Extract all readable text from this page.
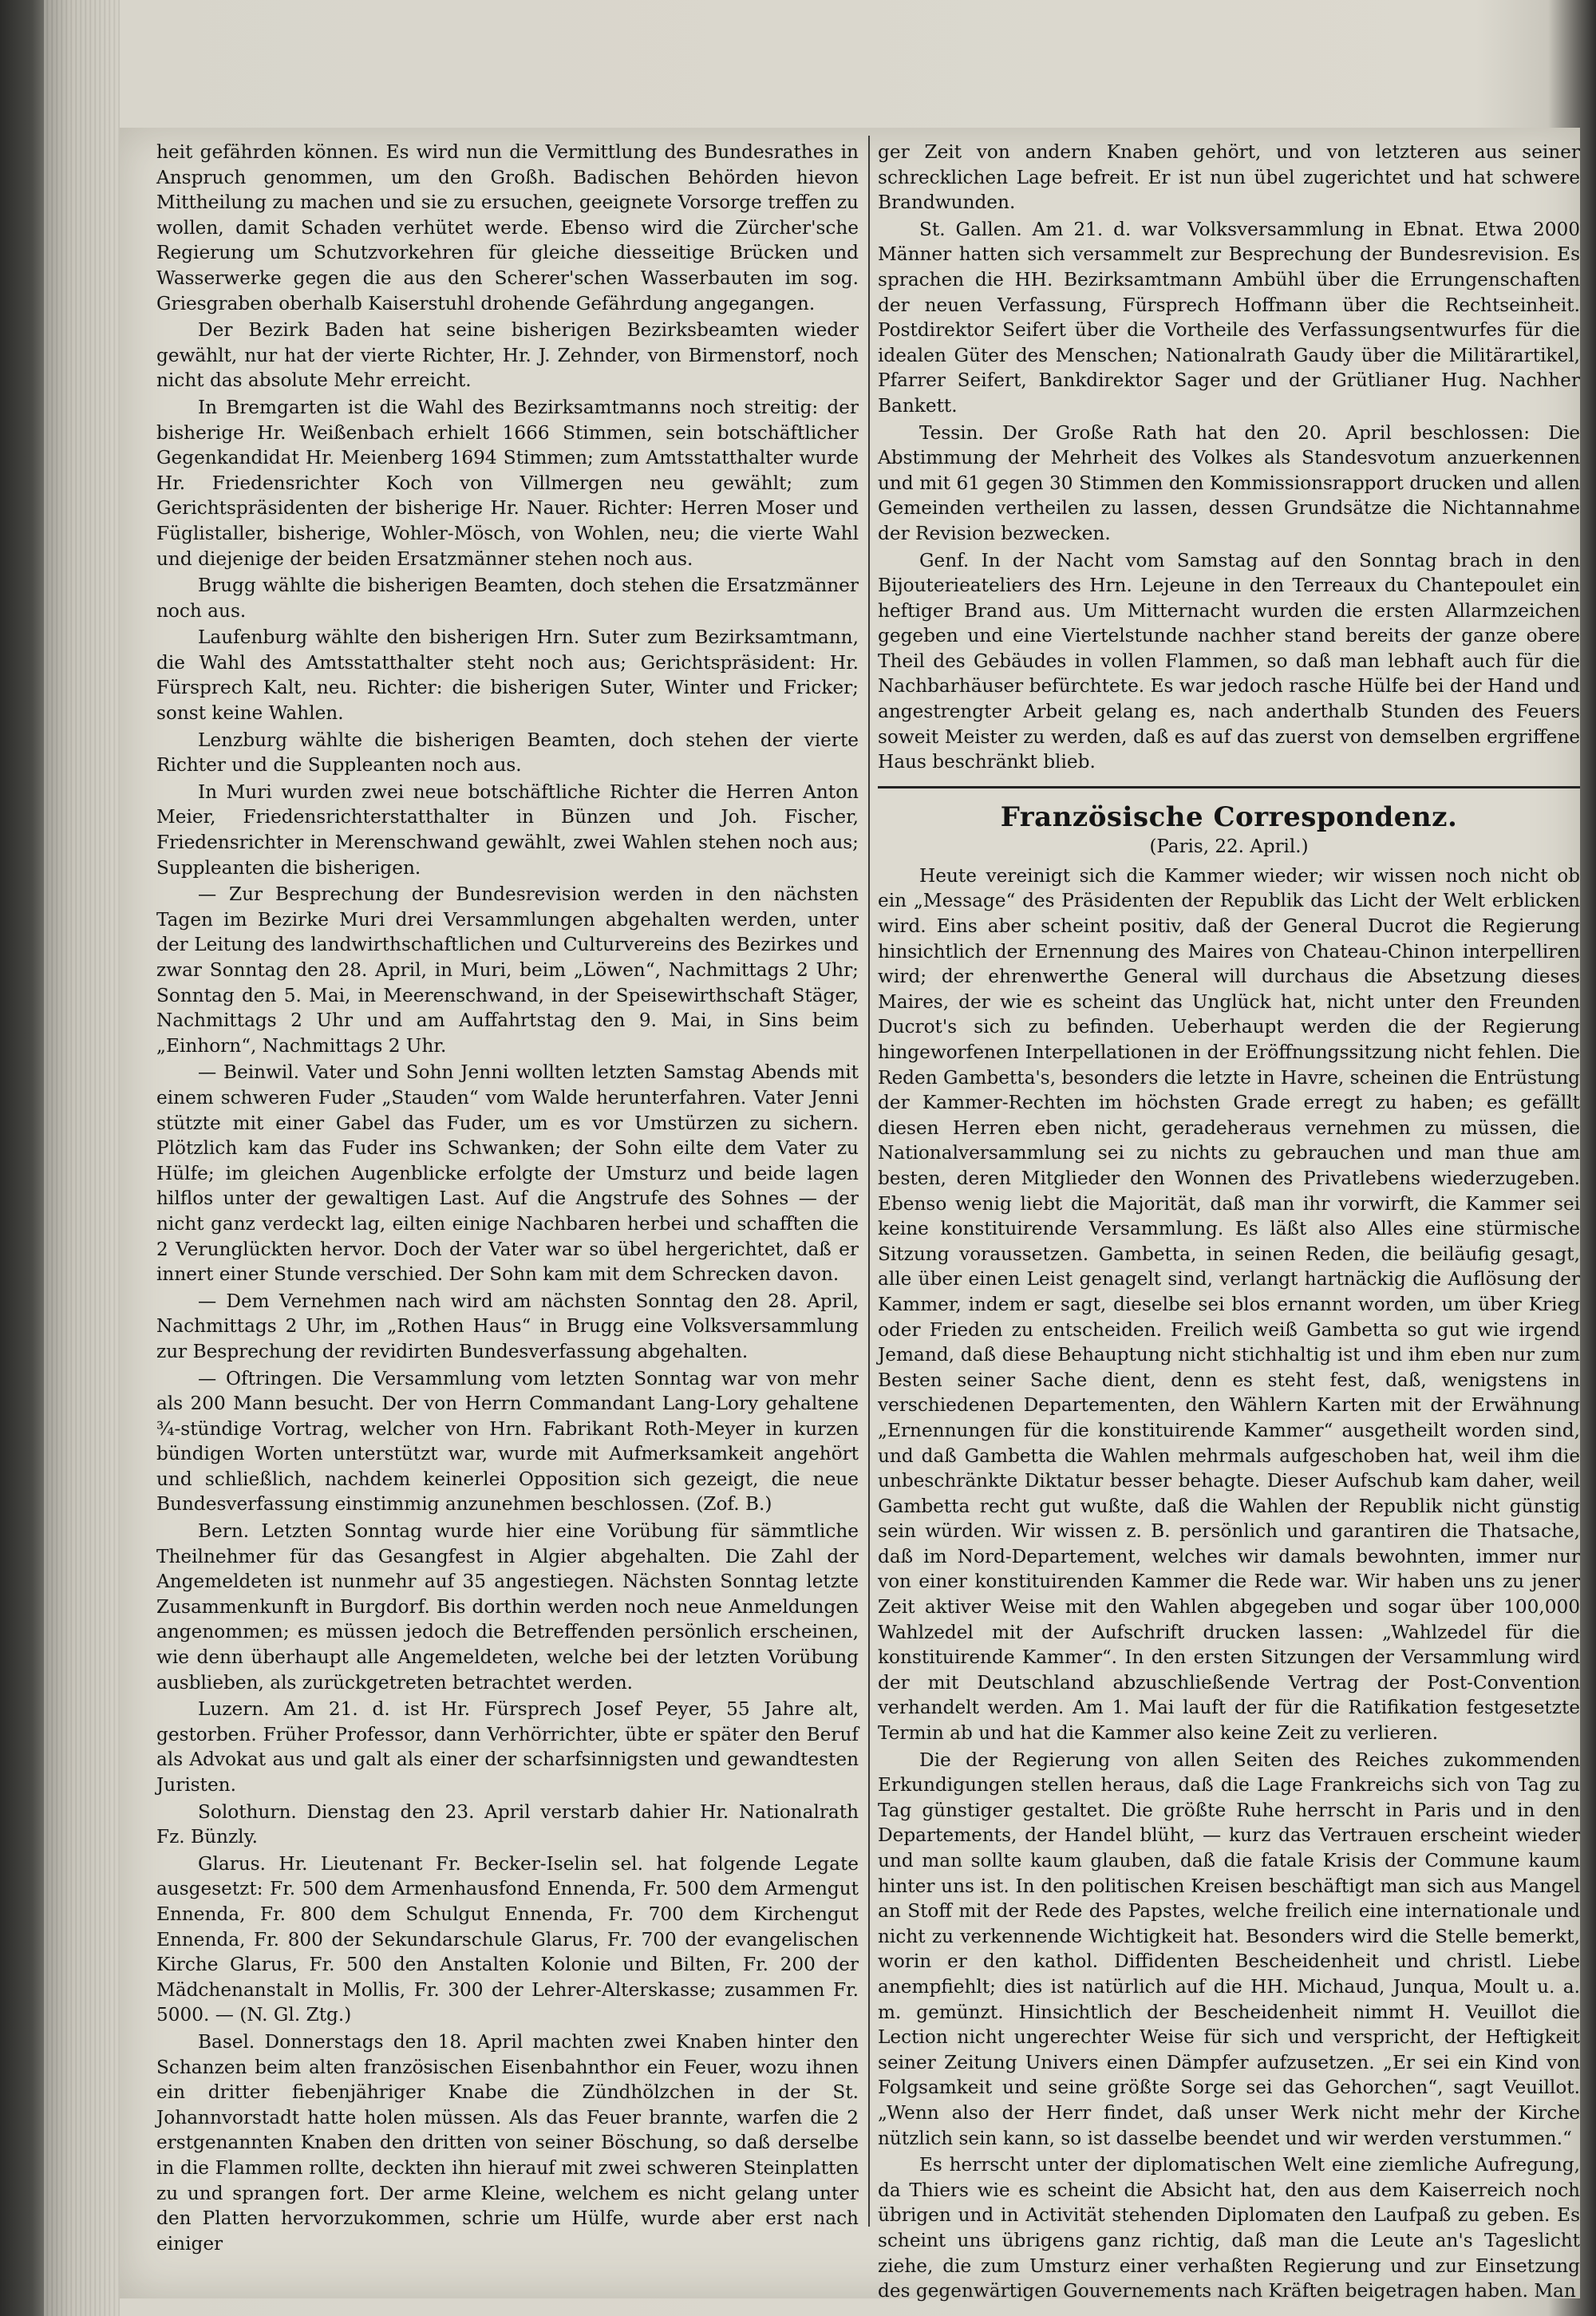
heit gefährden können. Es wird nun die Vermittlung des Bundesrathes in Anspruch genommen, um den Großh. Badischen Behörden hievon Mittheilung zu machen und sie zu ersuchen, geeignete Vorsorge treffen zu wollen, damit Schaden verhütet werde. Ebenso wird die Zürcher'sche Regierung um Schutzvorkehren für gleiche diesseitige Brücken und Wasserwerke gegen die aus den Scherer'schen Wasserbauten im sog. Griesgraben oberhalb Kaiserstuhl drohende Gefährdung angegangen.

Der Bezirk Baden hat seine bisherigen Bezirksbeamten wieder gewählt, nur hat der vierte Richter, Hr. J. Zehnder, von Birmenstorf, noch nicht das absolute Mehr erreicht.

In Bremgarten ist die Wahl des Bezirksamtmanns noch streitig: der bisherige Hr. Weißenbach erhielt 1666 Stimmen, sein botschäftlicher Gegenkandidat Hr. Meienberg 1694 Stimmen; zum Amtsstatthalter wurde Hr. Friedensrichter Koch von Villmergen neu gewählt; zum Gerichtspräsidenten der bisherige Hr. Nauer. Richter: Herren Moser und Füglistaller, bisherige, Wohler-Mösch, von Wohlen, neu; die vierte Wahl und diejenige der beiden Ersatzmänner stehen noch aus.

Brugg wählte die bisherigen Beamten, doch stehen die Ersatzmänner noch aus.

Laufenburg wählte den bisherigen Hrn. Suter zum Bezirksamtmann, die Wahl des Amtsstatthalter steht noch aus; Gerichtspräsident: Hr. Fürsprech Kalt, neu. Richter: die bisherigen Suter, Winter und Fricker; sonst keine Wahlen.

Lenzburg wählte die bisherigen Beamten, doch stehen der vierte Richter und die Suppleanten noch aus.

In Muri wurden zwei neue botschäftliche Richter die Herren Anton Meier, Friedensrichterstatthalter in Bünzen und Joh. Fischer, Friedensrichter in Merenschwand gewählt, zwei Wahlen stehen noch aus; Suppleanten die bisherigen.

— Zur Besprechung der Bundesrevision werden in den nächsten Tagen im Bezirke Muri drei Versammlungen abgehalten werden, unter der Leitung des landwirthschaftlichen und Culturvereins des Bezirkes und zwar Sonntag den 28. April, in Muri, beim „Löwen“, Nachmittags 2 Uhr; Sonntag den 5. Mai, in Meerenschwand, in der Speisewirthschaft Stäger, Nachmittags 2 Uhr und am Auffahrtstag den 9. Mai, in Sins beim „Einhorn“, Nachmittags 2 Uhr.

— Beinwil. Vater und Sohn Jenni wollten letzten Samstag Abends mit einem schweren Fuder „Stauden“ vom Walde herunterfahren. Vater Jenni stützte mit einer Gabel das Fuder, um es vor Umstürzen zu sichern. Plötzlich kam das Fuder ins Schwanken; der Sohn eilte dem Vater zu Hülfe; im gleichen Augenblicke erfolgte der Umsturz und beide lagen hilflos unter der gewaltigen Last. Auf die Angstrufe des Sohnes — der nicht ganz verdeckt lag, eilten einige Nachbaren herbei und schafften die 2 Verunglückten hervor. Doch der Vater war so übel hergerichtet, daß er innert einer Stunde verschied. Der Sohn kam mit dem Schrecken davon.

— Dem Vernehmen nach wird am nächsten Sonntag den 28. April, Nachmittags 2 Uhr, im „Rothen Haus“ in Brugg eine Volksversammlung zur Besprechung der revidirten Bundesverfassung abgehalten.

— Oftringen. Die Versammlung vom letzten Sonntag war von mehr als 200 Mann besucht. Der von Herrn Commandant Lang-Lory gehaltene ¾-stündige Vortrag, welcher von Hrn. Fabrikant Roth-Meyer in kurzen bündigen Worten unterstützt war, wurde mit Aufmerksamkeit angehört und schließlich, nachdem keinerlei Opposition sich gezeigt, die neue Bundesverfassung einstimmig anzunehmen beschlossen. (Zof. B.)

Bern. Letzten Sonntag wurde hier eine Vorübung für sämmtliche Theilnehmer für das Gesangfest in Algier abgehalten. Die Zahl der Angemeldeten ist nunmehr auf 35 angestiegen. Nächsten Sonntag letzte Zusammenkunft in Burgdorf. Bis dorthin werden noch neue Anmeldungen angenommen; es müssen jedoch die Betreffenden persönlich erscheinen, wie denn überhaupt alle Angemeldeten, welche bei der letzten Vorübung ausblieben, als zurückgetreten betrachtet werden.

Luzern. Am 21. d. ist Hr. Fürsprech Josef Peyer, 55 Jahre alt, gestorben. Früher Professor, dann Verhörrichter, übte er später den Beruf als Advokat aus und galt als einer der scharfsinnigsten und gewandtesten Juristen.

Solothurn. Dienstag den 23. April verstarb dahier Hr. Nationalrath Fz. Bünzly.

Glarus. Hr. Lieutenant Fr. Becker-Iselin sel. hat folgende Legate ausgesetzt: Fr. 500 dem Armenhausfond Ennenda, Fr. 500 dem Armengut Ennenda, Fr. 800 dem Schulgut Ennenda, Fr. 700 dem Kirchengut Ennenda, Fr. 800 der Sekundarschule Glarus, Fr. 700 der evangelischen Kirche Glarus, Fr. 500 den Anstalten Kolonie und Bilten, Fr. 200 der Mädchenanstalt in Mollis, Fr. 300 der Lehrer-Alterskasse; zusammen Fr. 5000. — (N. Gl. Ztg.)

Basel. Donnerstags den 18. April machten zwei Knaben hinter den Schanzen beim alten französischen Eisenbahnthor ein Feuer, wozu ihnen ein dritter fiebenjähriger Knabe die Zündhölzchen in der St. Johannvorstadt hatte holen müssen. Als das Feuer brannte, warfen die 2 erstgenannten Knaben den dritten von seiner Böschung, so daß derselbe in die Flammen rollte, deckten ihn hierauf mit zwei schweren Steinplatten zu und sprangen fort. Der arme Kleine, welchem es nicht gelang unter den Platten hervorzukommen, schrie um Hülfe, wurde aber erst nach einiger

ger Zeit von andern Knaben gehört, und von letzteren aus seiner schrecklichen Lage befreit. Er ist nun übel zugerichtet und hat schwere Brandwunden.

St. Gallen. Am 21. d. war Volksversammlung in Ebnat. Etwa 2000 Männer hatten sich versammelt zur Besprechung der Bundesrevision. Es sprachen die HH. Bezirksamtmann Ambühl über die Errungenschaften der neuen Verfassung, Fürsprech Hoffmann über die Rechtseinheit. Postdirektor Seifert über die Vortheile des Verfassungsentwurfes für die idealen Güter des Menschen; Nationalrath Gaudy über die Militärartikel, Pfarrer Seifert, Bankdirektor Sager und der Grütlianer Hug. Nachher Bankett.

Tessin. Der Große Rath hat den 20. April beschlossen: Die Abstimmung der Mehrheit des Volkes als Standesvotum anzuerkennen und mit 61 gegen 30 Stimmen den Kommissionsrapport drucken und allen Gemeinden vertheilen zu lassen, dessen Grundsätze die Nichtannahme der Revision bezwecken.

Genf. In der Nacht vom Samstag auf den Sonntag brach in den Bijouterieateliers des Hrn. Lejeune in den Terreaux du Chantepoulet ein heftiger Brand aus. Um Mitternacht wurden die ersten Allarmzeichen gegeben und eine Viertelstunde nachher stand bereits der ganze obere Theil des Gebäudes in vollen Flammen, so daß man lebhaft auch für die Nachbarhäuser befürchtete. Es war jedoch rasche Hülfe bei der Hand und angestrengter Arbeit gelang es, nach anderthalb Stunden des Feuers soweit Meister zu werden, daß es auf das zuerst von demselben ergriffene Haus beschränkt blieb.

Französische Correspondenz.
(Paris, 22. April.)

Heute vereinigt sich die Kammer wieder; wir wissen noch nicht ob ein „Message“ des Präsidenten der Republik das Licht der Welt erblicken wird. Eins aber scheint positiv, daß der General Ducrot die Regierung hinsichtlich der Ernennung des Maires von Chateau-Chinon interpelliren wird; der ehrenwerthe General will durchaus die Absetzung dieses Maires, der wie es scheint das Unglück hat, nicht unter den Freunden Ducrot's sich zu befinden. Ueberhaupt werden die der Regierung hingeworfenen Interpellationen in der Eröffnungssitzung nicht fehlen. Die Reden Gambetta's, besonders die letzte in Havre, scheinen die Entrüstung der Kammer-Rechten im höchsten Grade erregt zu haben; es gefällt diesen Herren eben nicht, geradeheraus vernehmen zu müssen, die Nationalversammlung sei zu nichts zu gebrauchen und man thue am besten, deren Mitglieder den Wonnen des Privatlebens wiederzugeben. Ebenso wenig liebt die Majorität, daß man ihr vorwirft, die Kammer sei keine konstituirende Versammlung. Es läßt also Alles eine stürmische Sitzung voraussetzen. Gambetta, in seinen Reden, die beiläufig gesagt, alle über einen Leist genagelt sind, verlangt hartnäckig die Auflösung der Kammer, indem er sagt, dieselbe sei blos ernannt worden, um über Krieg oder Frieden zu entscheiden. Freilich weiß Gambetta so gut wie irgend Jemand, daß diese Behauptung nicht stichhaltig ist und ihm eben nur zum Besten seiner Sache dient, denn es steht fest, daß, wenigstens in verschiedenen Departementen, den Wählern Karten mit der Erwähnung „Ernennungen für die konstituirende Kammer“ ausgetheilt worden sind, und daß Gambetta die Wahlen mehrmals aufgeschoben hat, weil ihm die unbeschränkte Diktatur besser behagte. Dieser Aufschub kam daher, weil Gambetta recht gut wußte, daß die Wahlen der Republik nicht günstig sein würden. Wir wissen z. B. persönlich und garantiren die Thatsache, daß im Nord-Departement, welches wir damals bewohnten, immer nur von einer konstituirenden Kammer die Rede war. Wir haben uns zu jener Zeit aktiver Weise mit den Wahlen abgegeben und sogar über 100,000 Wahlzedel mit der Aufschrift drucken lassen: „Wahlzedel für die konstituirende Kammer“. In den ersten Sitzungen der Versammlung wird der mit Deutschland abzuschließende Vertrag der Post-Convention verhandelt werden. Am 1. Mai lauft der für die Ratifikation festgesetzte Termin ab und hat die Kammer also keine Zeit zu verlieren.

Die der Regierung von allen Seiten des Reiches zukommenden Erkundigungen stellen heraus, daß die Lage Frankreichs sich von Tag zu Tag günstiger gestaltet. Die größte Ruhe herrscht in Paris und in den Departements, der Handel blüht, — kurz das Vertrauen erscheint wieder und man sollte kaum glauben, daß die fatale Krisis der Commune kaum hinter uns ist. In den politischen Kreisen beschäftigt man sich aus Mangel an Stoff mit der Rede des Papstes, welche freilich eine internationale und nicht zu verkennende Wichtigkeit hat. Besonders wird die Stelle bemerkt, worin er den kathol. Diffidenten Bescheidenheit und christl. Liebe anempfiehlt; dies ist natürlich auf die HH. Michaud, Junqua, Moult u. a. m. gemünzt. Hinsichtlich der Bescheidenheit nimmt H. Veuillot die Lection nicht ungerechter Weise für sich und verspricht, der Heftigkeit seiner Zeitung Univers einen Dämpfer aufzusetzen. „Er sei ein Kind von Folgsamkeit und seine größte Sorge sei das Gehorchen“, sagt Veuillot. „Wenn also der Herr findet, daß unser Werk nicht mehr der Kirche nützlich sein kann, so ist dasselbe beendet und wir werden verstummen.“

Es herrscht unter der diplomatischen Welt eine ziemliche Aufregung, da Thiers wie es scheint die Absicht hat, den aus dem Kaiserreich noch übrigen und in Activität stehenden Diplomaten den Laufpaß zu geben. Es scheint uns übrigens ganz richtig, daß man die Leute an's Tageslicht ziehe, die zum Umsturz einer verhaßten Regierung und zur Einsetzung des gegenwärtigen Gouvernements nach Kräften beigetragen haben. Man
